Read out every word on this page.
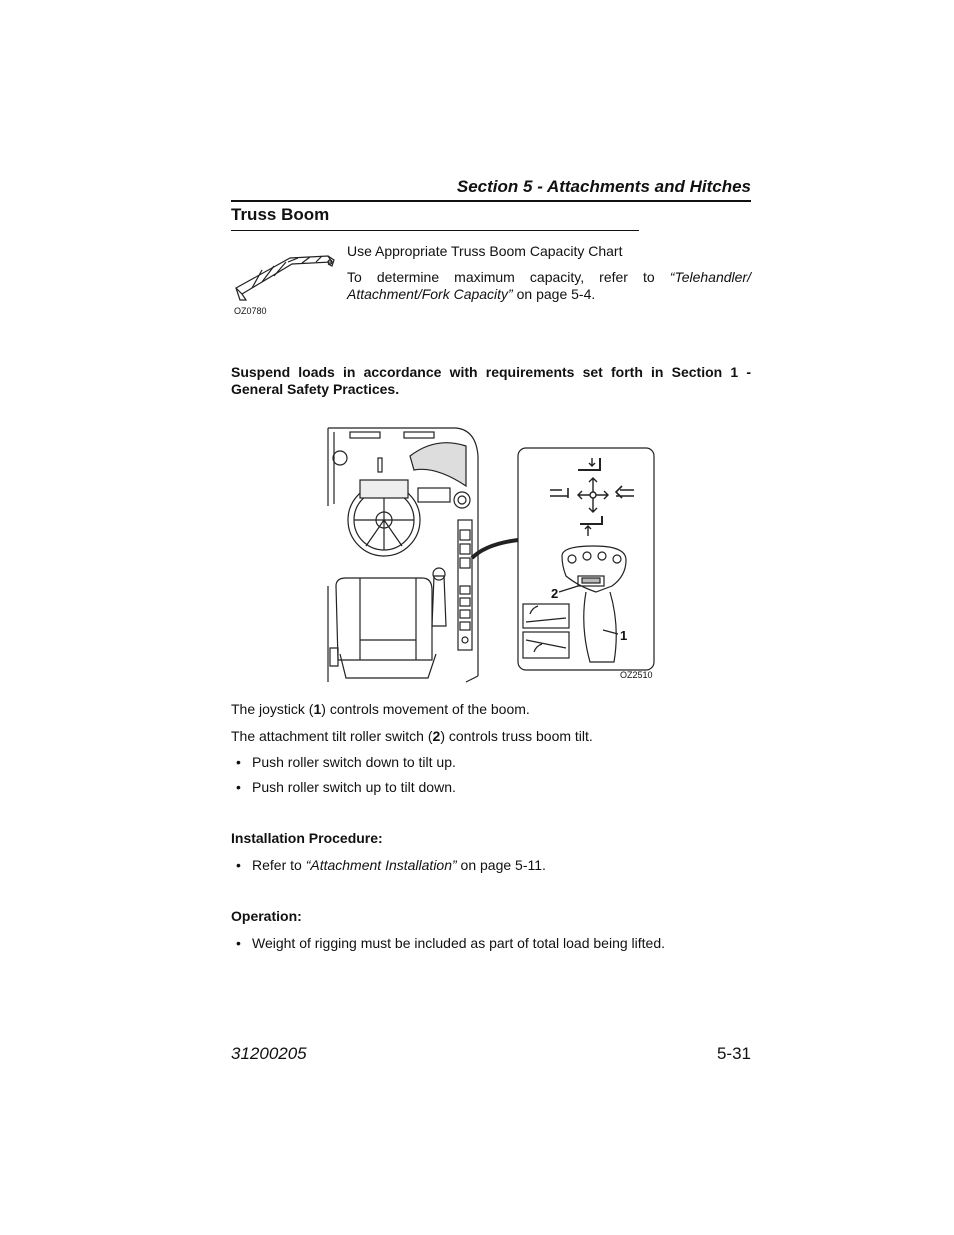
Section 5 - Attachments and Hitches
Truss Boom
OZ0780
Use Appropriate Truss Boom Capacity Chart
To determine maximum capacity, refer to “Telehandler/ Attachment/Fork Capacity” on page 5-4.
Suspend loads in accordance with requirements set forth in Section 1 - General Safety Practices.
2
1
OZ2510
The joystick (1) controls movement of the boom.
The attachment tilt roller switch (2) controls truss boom tilt.
• Push roller switch down to tilt up.
• Push roller switch up to tilt down.
Installation Procedure:
• Refer to “Attachment Installation” on page 5-11.
Operation:
• Weight of rigging must be included as part of total load being lifted.
31200205	5-31
